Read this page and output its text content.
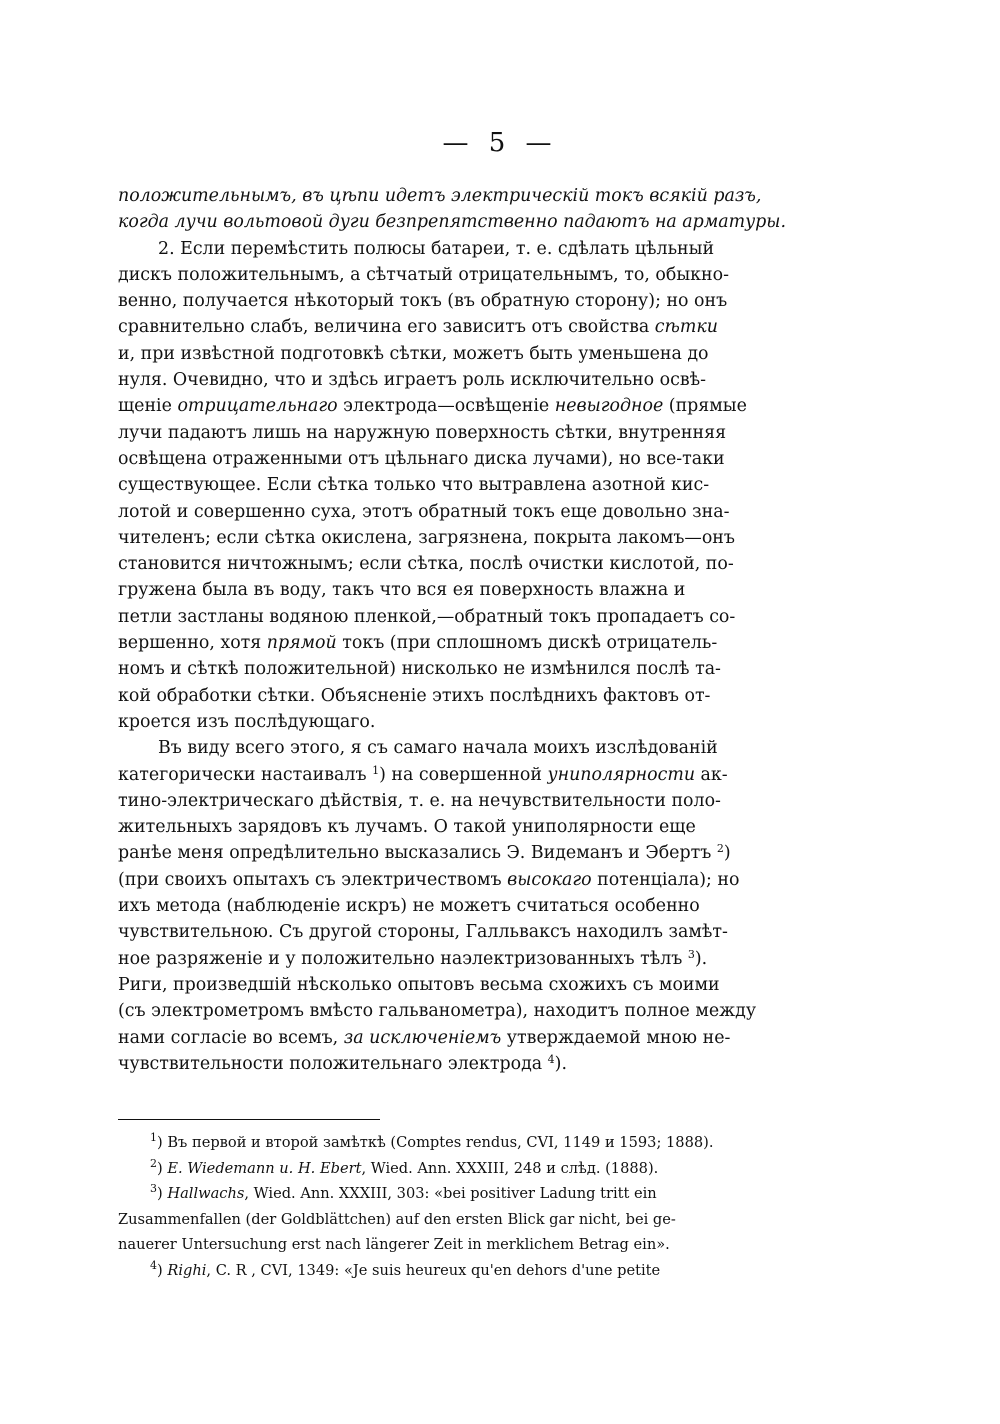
— 5 —
положительнымъ, въ цѣпи идетъ электрическій токъ всякій разъ,
когда лучи вольтовой дуги безпрепятственно падаютъ на арматуры.
2. Если перемѣстить полюсы батареи, т. е. сдѣлать цѣльный
дискъ положительнымъ, а сѣтчатый отрицательнымъ, то, обыкно-
венно, получается нѣкоторый токъ (въ обратную сторону); но онъ
сравнительно слабъ, величина его зависитъ отъ свойства сѣтки
и, при извѣстной подготовкѣ сѣтки, можетъ быть уменьшена до
нуля. Очевидно, что и здѣсь играетъ роль исключительно освѣ-
щеніе отрицательнаго электрода—освѣщеніе невыгодное (прямые
лучи падаютъ лишь на наружную поверхность сѣтки, внутренняя
освѣщена отраженными отъ цѣльнаго диска лучами), но все-таки
существующее. Если сѣтка только что вытравлена азотной кис-
лотой и совершенно суха, этотъ обратный токъ еще довольно зна-
чителенъ; если сѣтка окислена, загрязнена, покрыта лакомъ—онъ
становится ничтожнымъ; если сѣтка, послѣ очистки кислотой, по-
гружена была въ воду, такъ что вся ея поверхность влажна и
петли застланы водяною пленкой,—обратный токъ пропадаетъ со-
вершенно, хотя прямой токъ (при сплошномъ дискѣ отрицатель-
номъ и сѣткѣ положительной) нисколько не измѣнился послѣ та-
кой обработки сѣтки. Объясненіе этихъ послѣднихъ фактовъ от-
кроется изъ послѣдующаго.
Въ виду всего этого, я съ самаго начала моихъ изслѣдованій
категорически настаивалъ $^1$) на совершенной униполярности ак-
тино-электрическаго дѣйствія, т. е. на нечувствительности поло-
жительныхъ зарядовъ къ лучамъ. О такой униполярности еще
ранѣе меня опредѣлительно высказались Э. Видеманъ и Эбертъ $^2$)
(при своихъ опытахъ съ электричествомъ высокаго потенціала); но
ихъ метода (наблюденіе искръ) не можетъ считаться особенно
чувствительною. Съ другой стороны, Галльваксъ находилъ замѣт-
ное разряженіе и у положительно наэлектризованныхъ тѣлъ $^3$).
Риги, произведшій нѣсколько опытовъ весьма схожихъ съ моими
(съ электрометромъ вмѣсто гальванометра), находитъ полное между
нами согласіе во всемъ, за исключеніемъ утверждаемой мною не-
чувствительности положительнаго электрода $^4$).
$^1$) Въ первой и второй замѣткѣ (Comptes rendus, CVI, 1149 и 1593; 1888).
$^2$) E. Wiedemann u. H. Ebert, Wied. Ann. XXXIII, 248 и слѣд. (1888).
$^3$) Hallwachs, Wied. Ann. XXXIII, 303: «bei positiver Ladung tritt ein
Zusammenfallen (der Goldblättchen) auf den ersten Blick gar nicht, bei ge-
nauerer Untersuchung erst nach längerer Zeit in merklichem Betrag ein».
$^4$) Righi, C. R , CVI, 1349: «Je suis heureux qu'en dehors d'une petite
